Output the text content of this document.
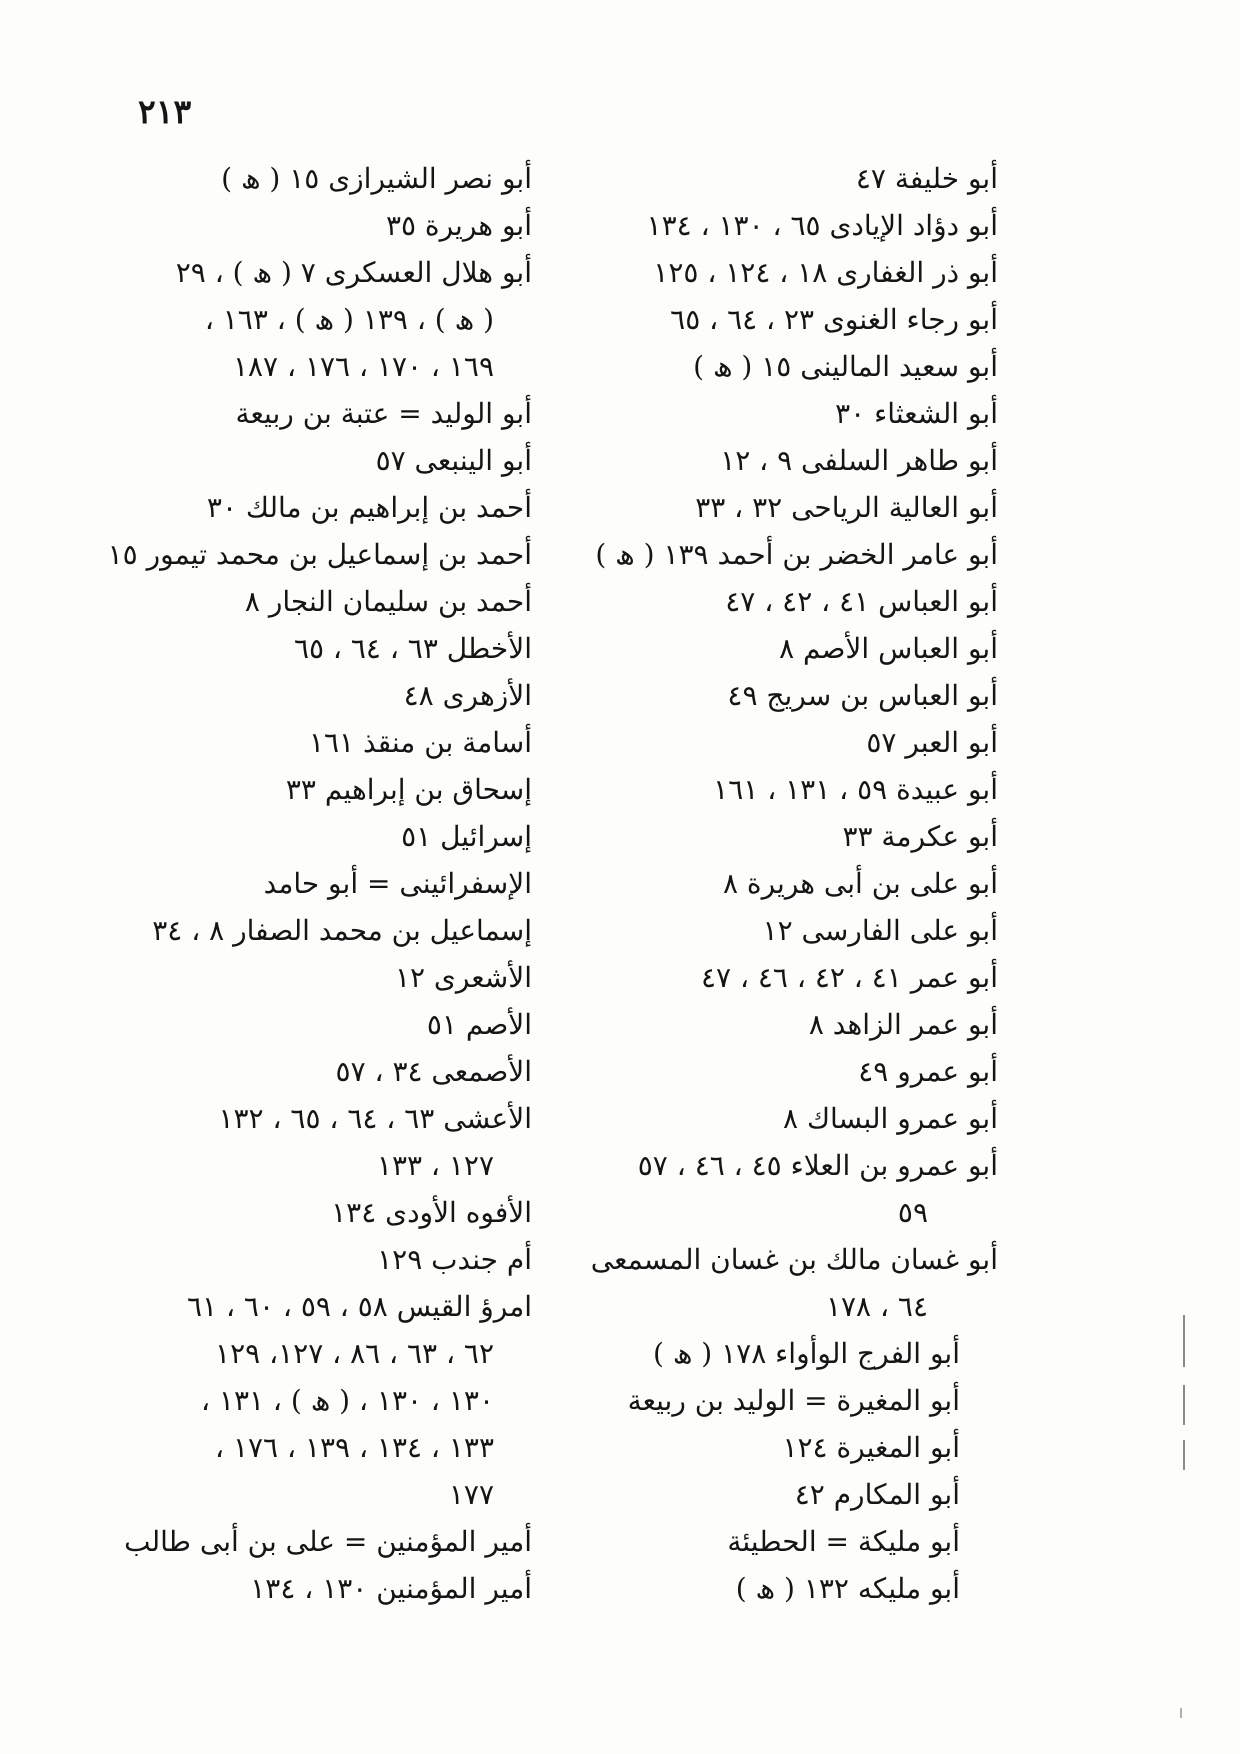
٢١٣
أبو خليفة ٤٧
أبو دؤاد الإيادى ٦٥ ، ١٣٠ ، ١٣٤
أبو ذر الغفارى ١٨ ، ١٢٤ ، ١٢٥
أبو رجاء الغنوى ٢٣ ، ٦٤ ، ٦٥
أبو سعيد المالينى ١٥ ( ھ )
أبو الشعثاء ٣٠
أبو طاهر السلفى ٩ ، ١٢
أبو العالية الرياحى ٣٢ ، ٣٣
أبو عامر الخضر بن أحمد ١٣٩ ( ھ )
أبو العباس ٤١ ، ٤٢ ، ٤٧
أبو العباس الأصم ٨
أبو العباس بن سريج ٤٩
أبو العبر ٥٧
أبو عبيدة ٥٩ ، ١٣١ ، ١٦١
أبو عكرمة ٣٣
أبو على بن أبى هريرة ٨
أبو على الفارسى ١٢
أبو عمر ٤١ ، ٤٢ ، ٤٦ ، ٤٧
أبو عمر الزاهد ٨
أبو عمرو ٤٩
أبو عمرو البساك ٨
أبو عمرو بن العلاء ٤٥ ، ٤٦ ، ٥٧
٥٩
أبو غسان مالك بن غسان المسمعى
٦٤ ، ١٧٨
أبو الفرج الوأواء ١٧٨ ( ھ )
أبو المغيرة = الوليد بن ربيعة
أبو المغيرة ١٢٤
أبو المكارم ٤٢
أبو مليكة = الحطيئة
أبو مليكه ١٣٢ ( ھ )
أبو نصر الشيرازى ١٥ ( ھ )
أبو هريرة ٣٥
أبو هلال العسكرى ٧ ( ھ ) ، ٢٩
( ھ ) ، ١٣٩ ( ھ ) ، ١٦٣ ،
١٦٩ ، ١٧٠ ، ١٧٦ ، ١٨٧
أبو الوليد = عتبة بن ربيعة
أبو الينبعى ٥٧
أحمد بن إبراهيم بن مالك ٣٠
أحمد بن إسماعيل بن محمد تيمور ١٥
أحمد بن سليمان النجار ٨
الأخطل ٦٣ ، ٦٤ ، ٦٥
الأزهرى ٤٨
أسامة بن منقذ ١٦١
إسحاق بن إبراهيم ٣٣
إسرائيل ٥١
الإسفرائينى = أبو حامد
إسماعيل بن محمد الصفار ٨ ، ٣٤
الأشعرى ١٢
الأصم ٥١
الأصمعى ٣٤ ، ٥٧
الأعشى ٦٣ ، ٦٤ ، ٦٥ ، ١٣٢
١٢٧ ، ١٣٣
الأفوه الأودى ١٣٤
أم جندب ١٢٩
امرؤ القيس ٥٨ ، ٥٩ ، ٦٠ ، ٦١
٦٢ ، ٦٣ ، ٨٦ ، ١٢٧، ١٢٩
١٣٠ ، ١٣٠ ، ( ھ ) ، ١٣١ ،
١٣٣ ، ١٣٤ ، ١٣٩ ، ١٧٦ ،
١٧٧
أمير المؤمنين = على بن أبى طالب
أمير المؤمنين ١٣٠ ، ١٣٤
